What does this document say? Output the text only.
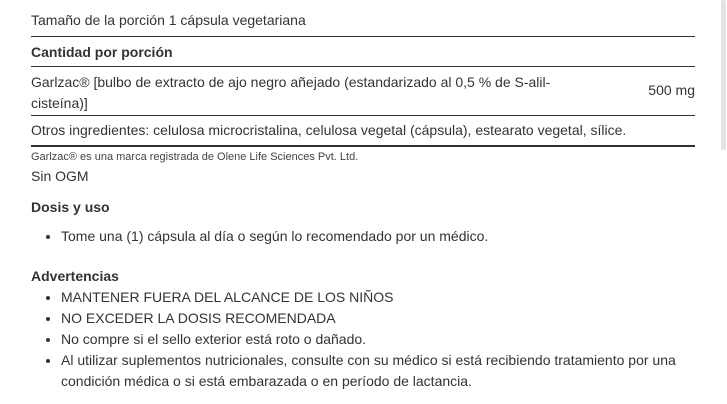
Tamaño de la porción 1 cápsula vegetariana
Cantidad por porción
Garlzac® [bulbo de extracto de ajo negro añejado (estandarizado al 0,5 % de S-alil-
cisteína)]
500 mg
Otros ingredientes: celulosa microcristalina, celulosa vegetal (cápsula), estearato vegetal, sílice.
Garlzac® es una marca registrada de Olene Life Sciences Pvt. Ltd.
Sin OGM
Dosis y uso
• Tome una (1) cápsula al día o según lo recomendado por un médico.
Advertencias
• MANTENER FUERA DEL ALCANCE DE LOS NIÑOS
• NO EXCEDER LA DOSIS RECOMENDADA
• No compre si el sello exterior está roto o dañado.
• Al utilizar suplementos nutricionales, consulte con su médico si está recibiendo tratamiento por una condición médica o si está embarazada o en período de lactancia.
